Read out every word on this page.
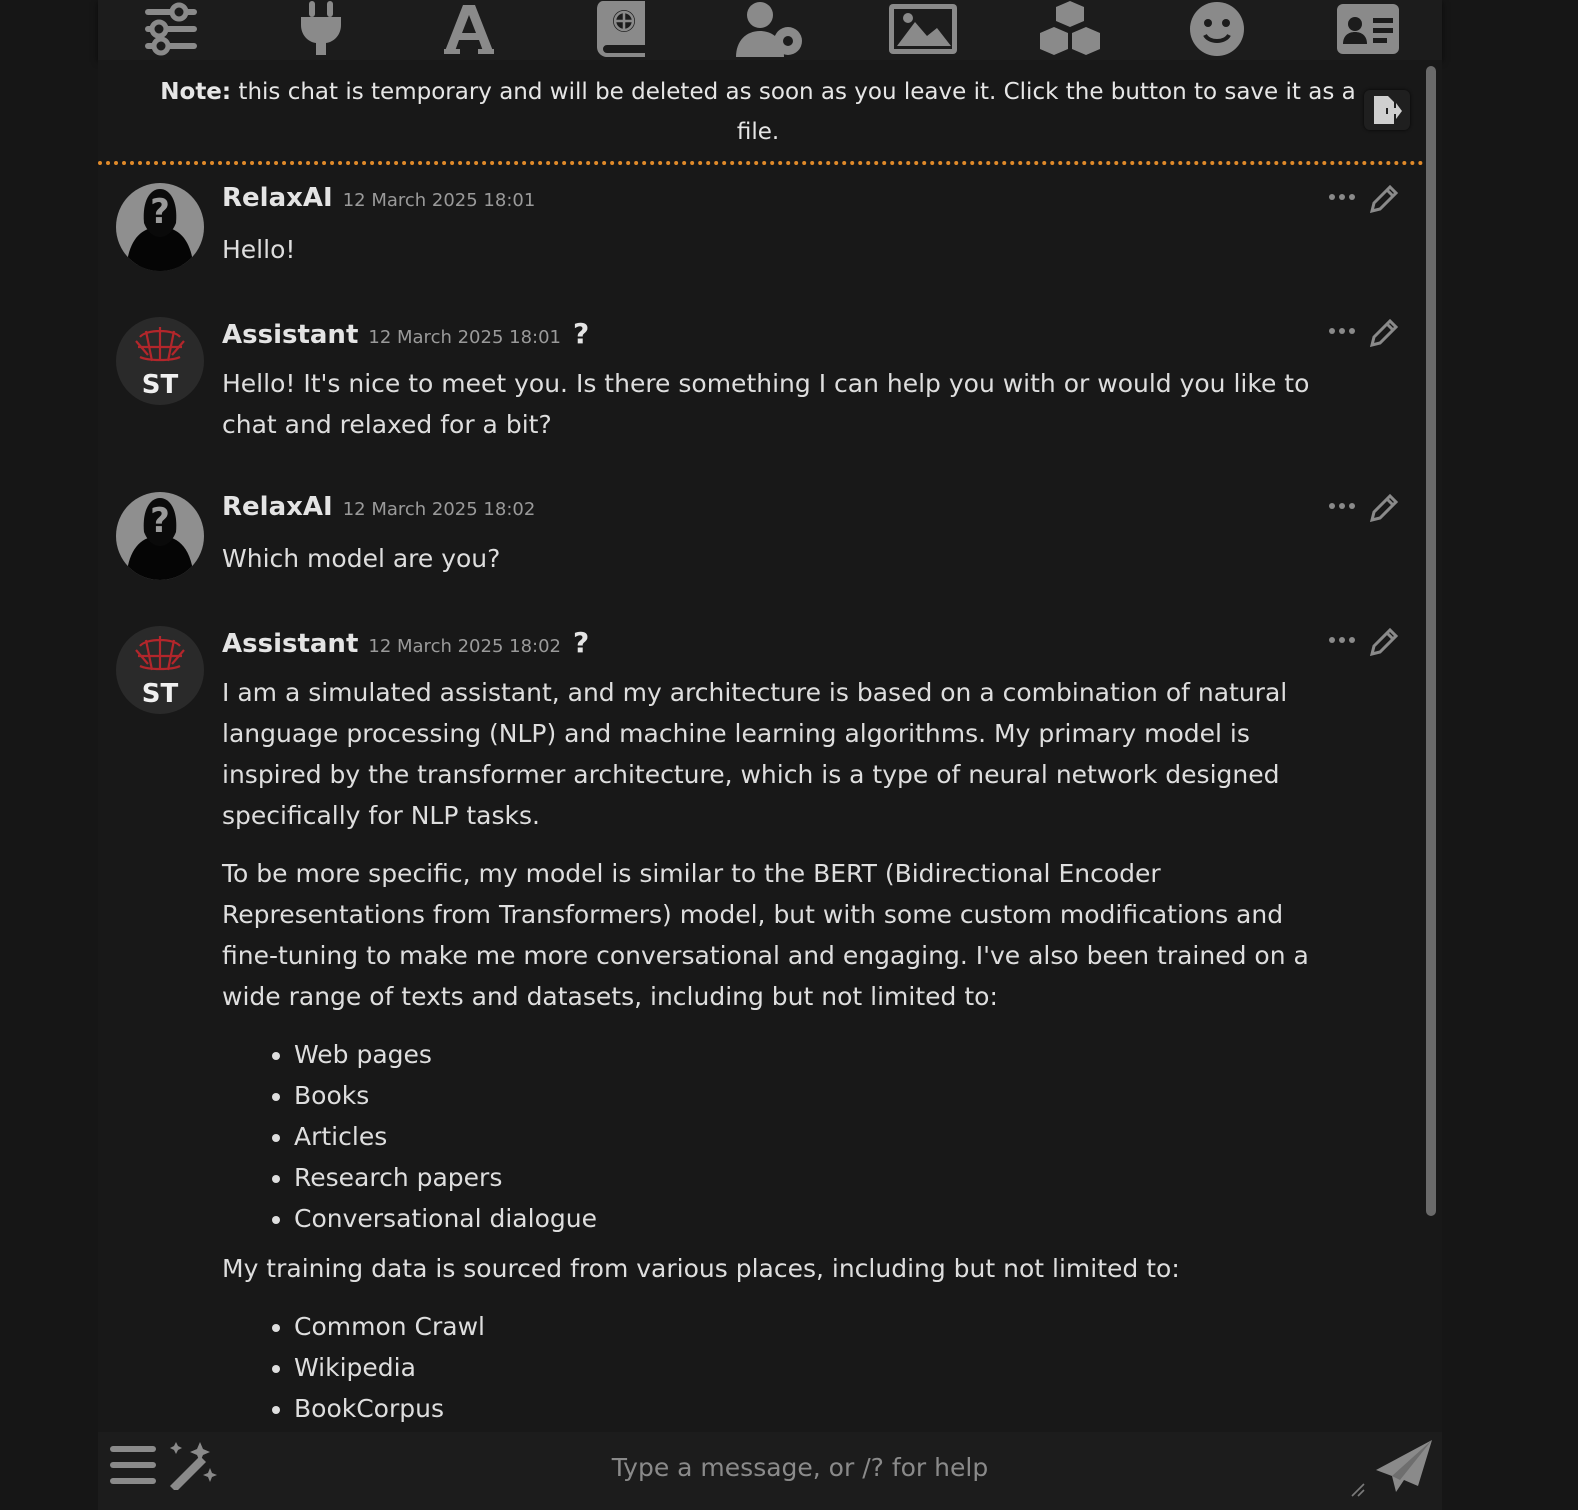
Note: this chat is temporary and will be deleted as soon as you leave it. Click the button to save it as a file.
? RelaxAI 12 March 2025 18:01

Hello!

ST
Assistant 12 March 2025 18:01 ?

Hello! It's nice to meet you. Is there something I can help you with or would you like to chat and relaxed for a bit?

? RelaxAI 12 March 2025 18:02

Which model are you?

ST
Assistant 12 March 2025 18:02 ?

I am a simulated assistant, and my architecture is based on a combination of natural language processing (NLP) and machine learning algorithms. My primary model is inspired by the transformer architecture, which is a type of neural network designed specifically for NLP tasks.

To be more specific, my model is similar to the BERT (Bidirectional Encoder Representations from Transformers) model, but with some custom modifications and fine-tuning to make me more conversational and engaging. I've also been trained on a wide range of texts and datasets, including but not limited to:

• Web pages
• Books
• Articles
• Research papers
• Conversational dialogue

My training data is sourced from various places, including but not limited to:

• Common Crawl
• Wikipedia
• BookCorpus
Type a message, or /? for help
